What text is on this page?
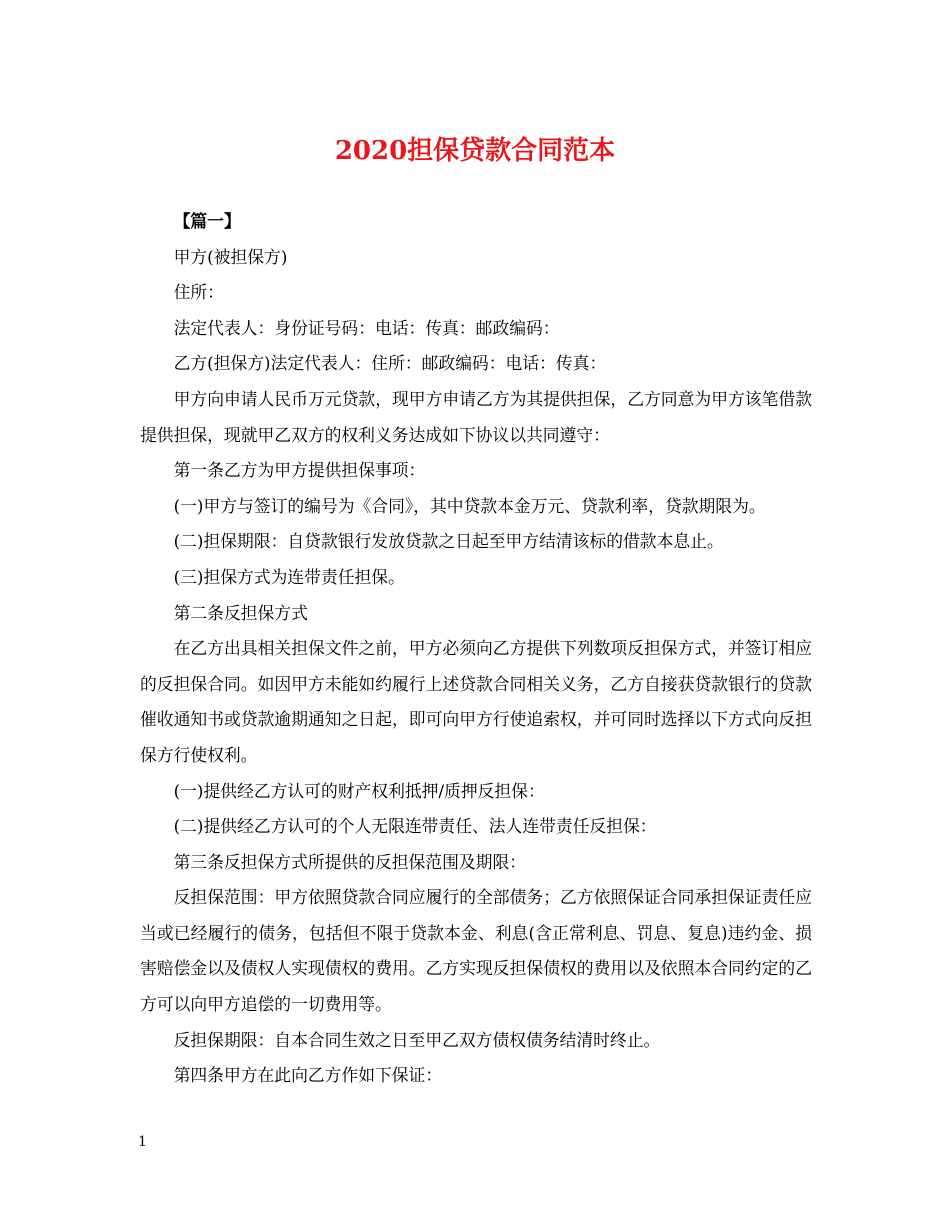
2020担保贷款合同范本

【篇一】

甲方(被担保方)

住所：

法定代表人：身份证号码：电话：传真：邮政编码：

乙方(担保方)法定代表人：住所：邮政编码：电话：传真：

甲方向申请人民币万元贷款，现甲方申请乙方为其提供担保，乙方同意为甲方该笔借款提供担保，现就甲乙双方的权利义务达成如下协议以共同遵守：

第一条乙方为甲方提供担保事项：

(一)甲方与签订的编号为《合同》，其中贷款本金万元、贷款利率，贷款期限为。

(二)担保期限：自贷款银行发放贷款之日起至甲方结清该标的借款本息止。

(三)担保方式为连带责任担保。

第二条反担保方式

在乙方出具相关担保文件之前，甲方必须向乙方提供下列数项反担保方式，并签订相应的反担保合同。如因甲方未能如约履行上述贷款合同相关义务，乙方自接获贷款银行的贷款催收通知书或贷款逾期通知之日起，即可向甲方行使追索权，并可同时选择以下方式向反担保方行使权利。

(一)提供经乙方认可的财产权利抵押/质押反担保：

(二)提供经乙方认可的个人无限连带责任、法人连带责任反担保：

第三条反担保方式所提供的反担保范围及期限：

反担保范围：甲方依照贷款合同应履行的全部债务；乙方依照保证合同承担保证责任应当或已经履行的债务，包括但不限于贷款本金、利息(含正常利息、罚息、复息)违约金、损害赔偿金以及债权人实现债权的费用。乙方实现反担保债权的费用以及依照本合同约定的乙方可以向甲方追偿的一切费用等。

反担保期限：自本合同生效之日至甲乙双方债权债务结清时终止。

第四条甲方在此向乙方作如下保证：

1
